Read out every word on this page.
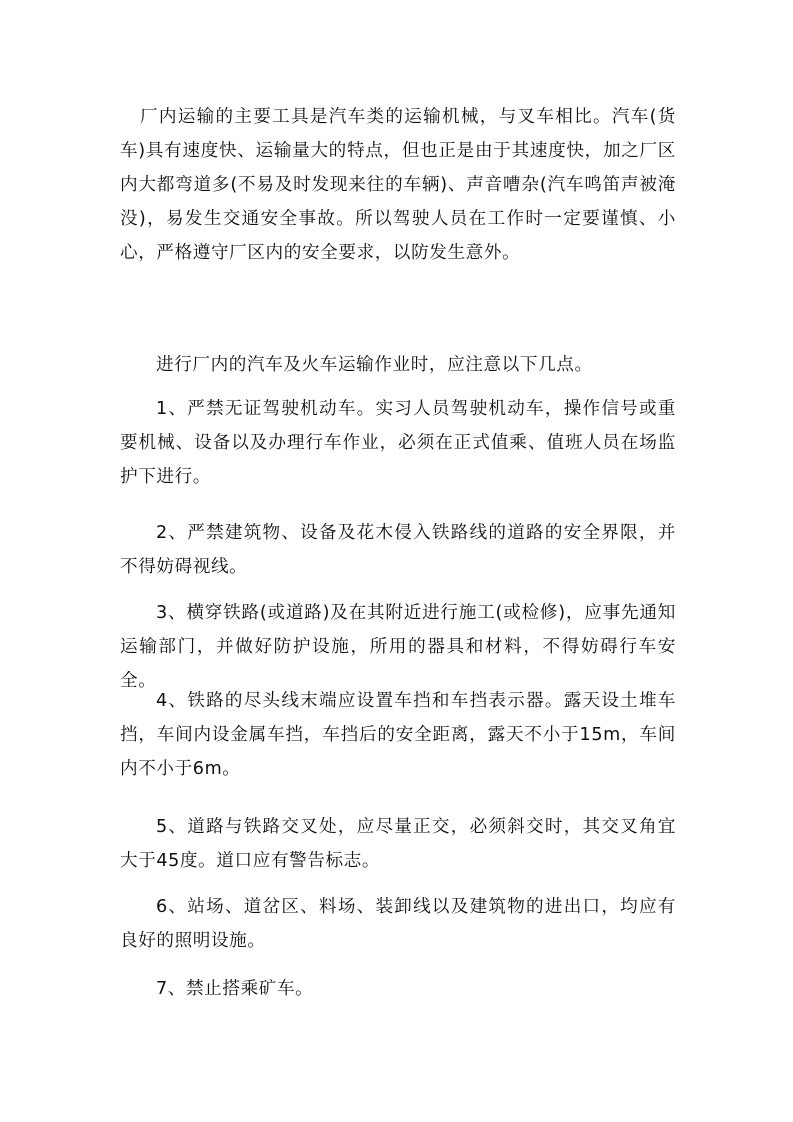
厂内运输的主要工具是汽车类的运输机械，与叉车相比。汽车(货车)具有速度快、运输量大的特点，但也正是由于其速度快，加之厂区内大都弯道多(不易及时发现来往的车辆)、声音嘈杂(汽车鸣笛声被淹没)，易发生交通安全事故。所以驾驶人员在工作时一定要谨慎、小心，严格遵守厂区内的安全要求，以防发生意外。

进行厂内的汽车及火车运输作业时，应注意以下几点。

1、严禁无证驾驶机动车。实习人员驾驶机动车，操作信号或重要机械、设备以及办理行车作业，必须在正式值乘、值班人员在场监护下进行。

2、严禁建筑物、设备及花木侵入铁路线的道路的安全界限，并不得妨碍视线。

3、横穿铁路(或道路)及在其附近进行施工(或检修)，应事先通知运输部门，并做好防护设施，所用的器具和材料，不得妨碍行车安全。

4、铁路的尽头线末端应设置车挡和车挡表示器。露天设土堆车挡，车间内设金属车挡，车挡后的安全距离，露天不小于15m，车间内不小于6m。

5、道路与铁路交叉处，应尽量正交，必须斜交时，其交叉角宜大于45度。道口应有警告标志。

6、站场、道岔区、料场、装卸线以及建筑物的进出口，均应有良好的照明设施。

7、禁止搭乘矿车。
